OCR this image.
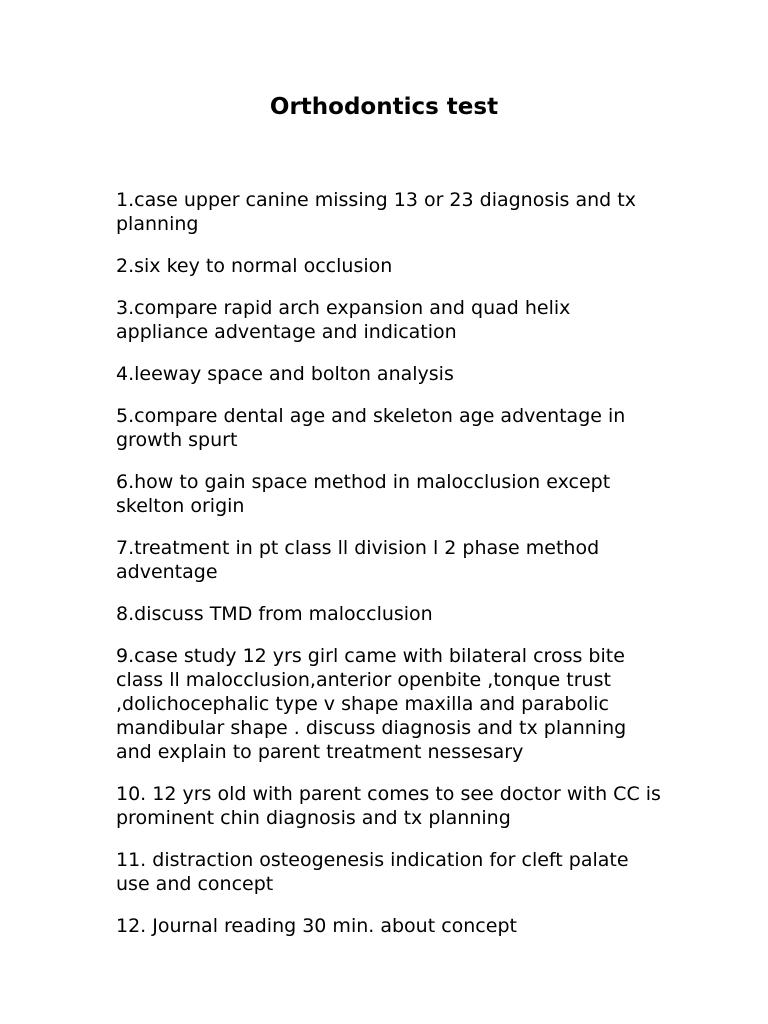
Orthodontics test
1.case upper canine missing 13 or 23 diagnosis and tx planning
2.six key to normal occlusion
3.compare rapid arch expansion and quad helix appliance adventage and indication
4.leeway space and bolton analysis
5.compare dental age and skeleton age adventage in growth spurt
6.how to gain space method in malocclusion except skelton origin
7.treatment in pt class ll division l 2 phase method adventage
8.discuss TMD from malocclusion
9.case study 12 yrs girl came with bilateral cross bite class ll malocclusion,anterior openbite ,tonque trust ,dolichocephalic type v shape maxilla and parabolic mandibular shape . discuss diagnosis and tx planning and explain to parent treatment nessesary
10. 12 yrs old with parent comes to see doctor with CC is prominent chin diagnosis and tx planning
11. distraction osteogenesis indication for cleft palate use and concept
12. Journal reading 30 min. about concept
